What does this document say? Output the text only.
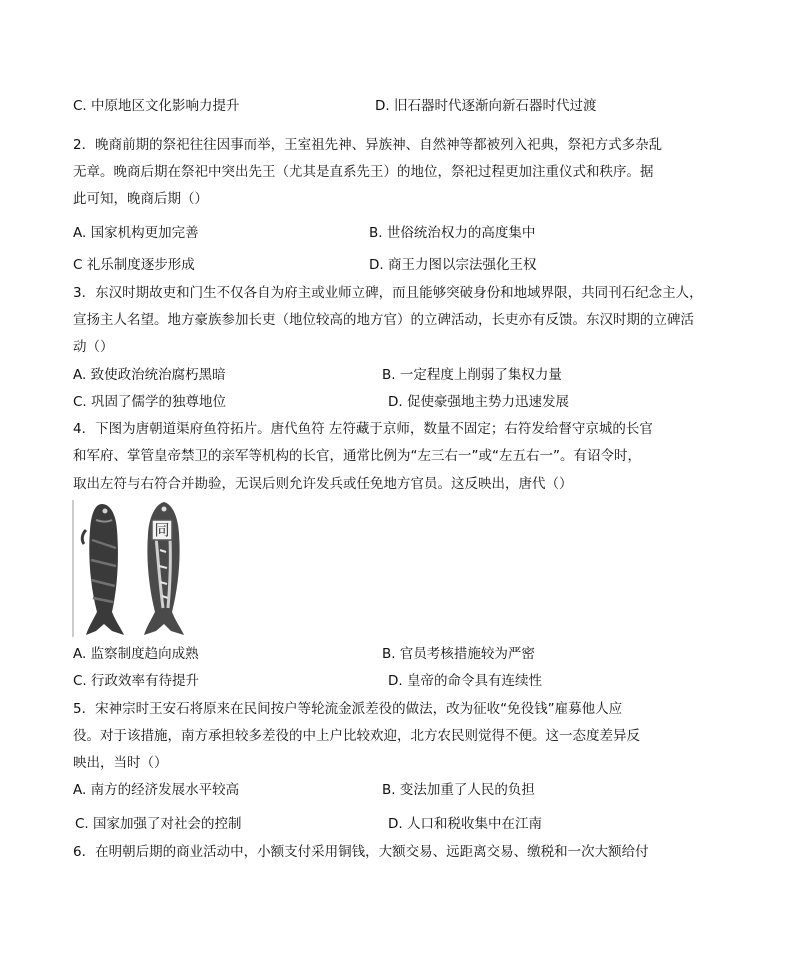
C. 中原地区文化影响力提升	D. 旧石器时代逐渐向新石器时代过渡
2．晚商前期的祭祀往往因事而举，王室祖先神、异族神、自然神等都被列入祀典，祭祀方式多杂乱
无章。晚商后期在祭祀中突出先王（尤其是直系先王）的地位，祭祀过程更加注重仪式和秩序。据
此可知，晚商后期（）
A. 国家机构更加完善	B. 世俗统治权力的高度集中
C 礼乐制度逐步形成	D. 商王力图以宗法强化王权
3．东汉时期故吏和门生不仅各自为府主或业师立碑，而且能够突破身份和地域界限，共同刊石纪念主人，
宣扬主人名望。地方豪族参加长吏（地位较高的地方官）的立碑活动，长吏亦有反馈。东汉时期的立碑活
动（）
A. 致使政治统治腐朽黑暗	B. 一定程度上削弱了集权力量
C. 巩固了儒学的独尊地位	D. 促使豪强地主势力迅速发展
4．下图为唐朝道渠府鱼符拓片。唐代鱼符 左符藏于京师，数量不固定；右符发给督守京城的长官
和军府、掌管皇帝禁卫的亲军等机构的长官，通常比例为“左三右一”或“左五右一”。有诏令时，
取出左符与右符合并勘验，无误后则允许发兵或任免地方官员。这反映出，唐代（）
同
A. 监察制度趋向成熟	B. 官员考核措施较为严密
C. 行政效率有待提升	D. 皇帝的命令具有连续性
5．宋神宗时王安石将原来在民间按户等轮流金派差役的做法，改为征收“免役钱”雇募他人应
役。对于该措施，南方承担较多差役的中上户比较欢迎，北方农民则觉得不便。这一态度差异反
映出，当时（）
A. 南方的经济发展水平较高	B. 变法加重了人民的负担
C. 国家加强了对社会的控制	D. 人口和税收集中在江南
6．在明朝后期的商业活动中，小额支付采用铜钱，大额交易、远距离交易、缴税和一次大额给付
